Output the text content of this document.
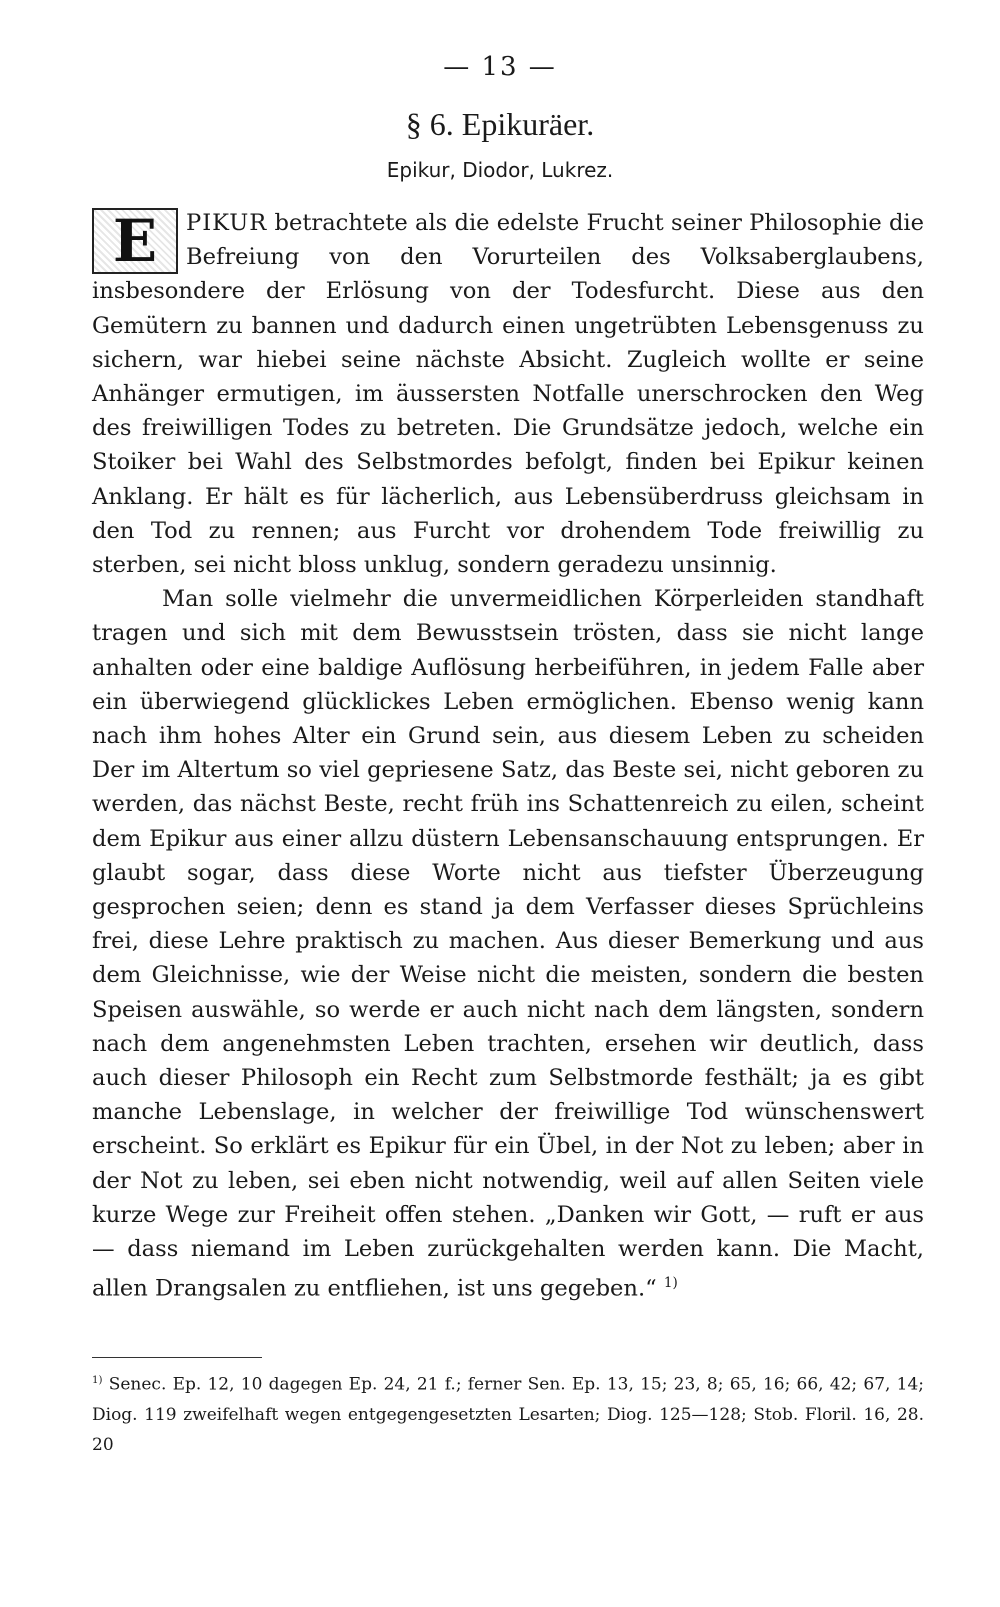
— 13 —
§ 6. Epikuräer.
Epikur, Diodor, Lukrez.

E	PIKUR betrachtete als die edelste Frucht seiner Philosophie die Befreiung von den Vorurteilen des Volksaberglaubens, insbesondere der Erlösung von der Todesfurcht. Diese aus den Gemütern zu bannen und dadurch einen ungetrübten Lebensgenuss zu sichern, war hiebei seine nächste Absicht. Zugleich wollte er seine Anhänger ermutigen, im äussersten Notfalle unerschrocken den Weg des freiwilligen Todes zu betreten. Die Grundsätze jedoch, welche ein Stoiker bei Wahl des Selbstmordes befolgt, finden bei Epikur keinen Anklang. Er hält es für lächerlich, aus Lebensüberdruss gleichsam in den Tod zu rennen; aus Furcht vor drohendem Tode freiwillig zu sterben, sei nicht bloss unklug, sondern geradezu unsinnig.

Man solle vielmehr die unvermeidlichen Körperleiden standhaft tragen und sich mit dem Bewusstsein trösten, dass sie nicht lange anhalten oder eine baldige Auflösung herbeiführen, in jedem Falle aber ein überwiegend glücklickes Leben ermöglichen. Ebenso wenig kann nach ihm hohes Alter ein Grund sein, aus diesem Leben zu scheiden Der im Altertum so viel gepriesene Satz, das Beste sei, nicht geboren zu werden, das nächst Beste, recht früh ins Schattenreich zu eilen, scheint dem Epikur aus einer allzu düstern Lebensanschauung entsprungen. Er glaubt sogar, dass diese Worte nicht aus tiefster Überzeugung gesprochen seien; denn es stand ja dem Verfasser dieses Sprüchleins frei, diese Lehre praktisch zu machen. Aus dieser Bemerkung und aus dem Gleichnisse, wie der Weise nicht die meisten, sondern die besten Speisen auswähle, so werde er auch nicht nach dem längsten, sondern nach dem angenehmsten Leben trachten, ersehen wir deutlich, dass auch dieser Philosoph ein Recht zum Selbstmorde festhält; ja es gibt manche Lebenslage, in welcher der freiwillige Tod wünschenswert erscheint. So erklärt es Epikur für ein Übel, in der Not zu leben; aber in der Not zu leben, sei eben nicht notwendig, weil auf allen Seiten viele kurze Wege zur Freiheit offen stehen. „Danken wir Gott, — ruft er aus — dass niemand im Leben zurückgehalten werden kann. Die Macht, allen Drangsalen zu entfliehen, ist uns gegeben.“ $^{1)}$

$^{1)}$ Senec. Ep. 12, 10 dagegen Ep. 24, 21 f.; ferner Sen. Ep. 13, 15; 23, 8; 65, 16; 66, 42; 67, 14; Diog. 119 zweifelhaft wegen entgegengesetzten Lesarten; Diog. 125—128; Stob. Floril. 16, 28. 20
